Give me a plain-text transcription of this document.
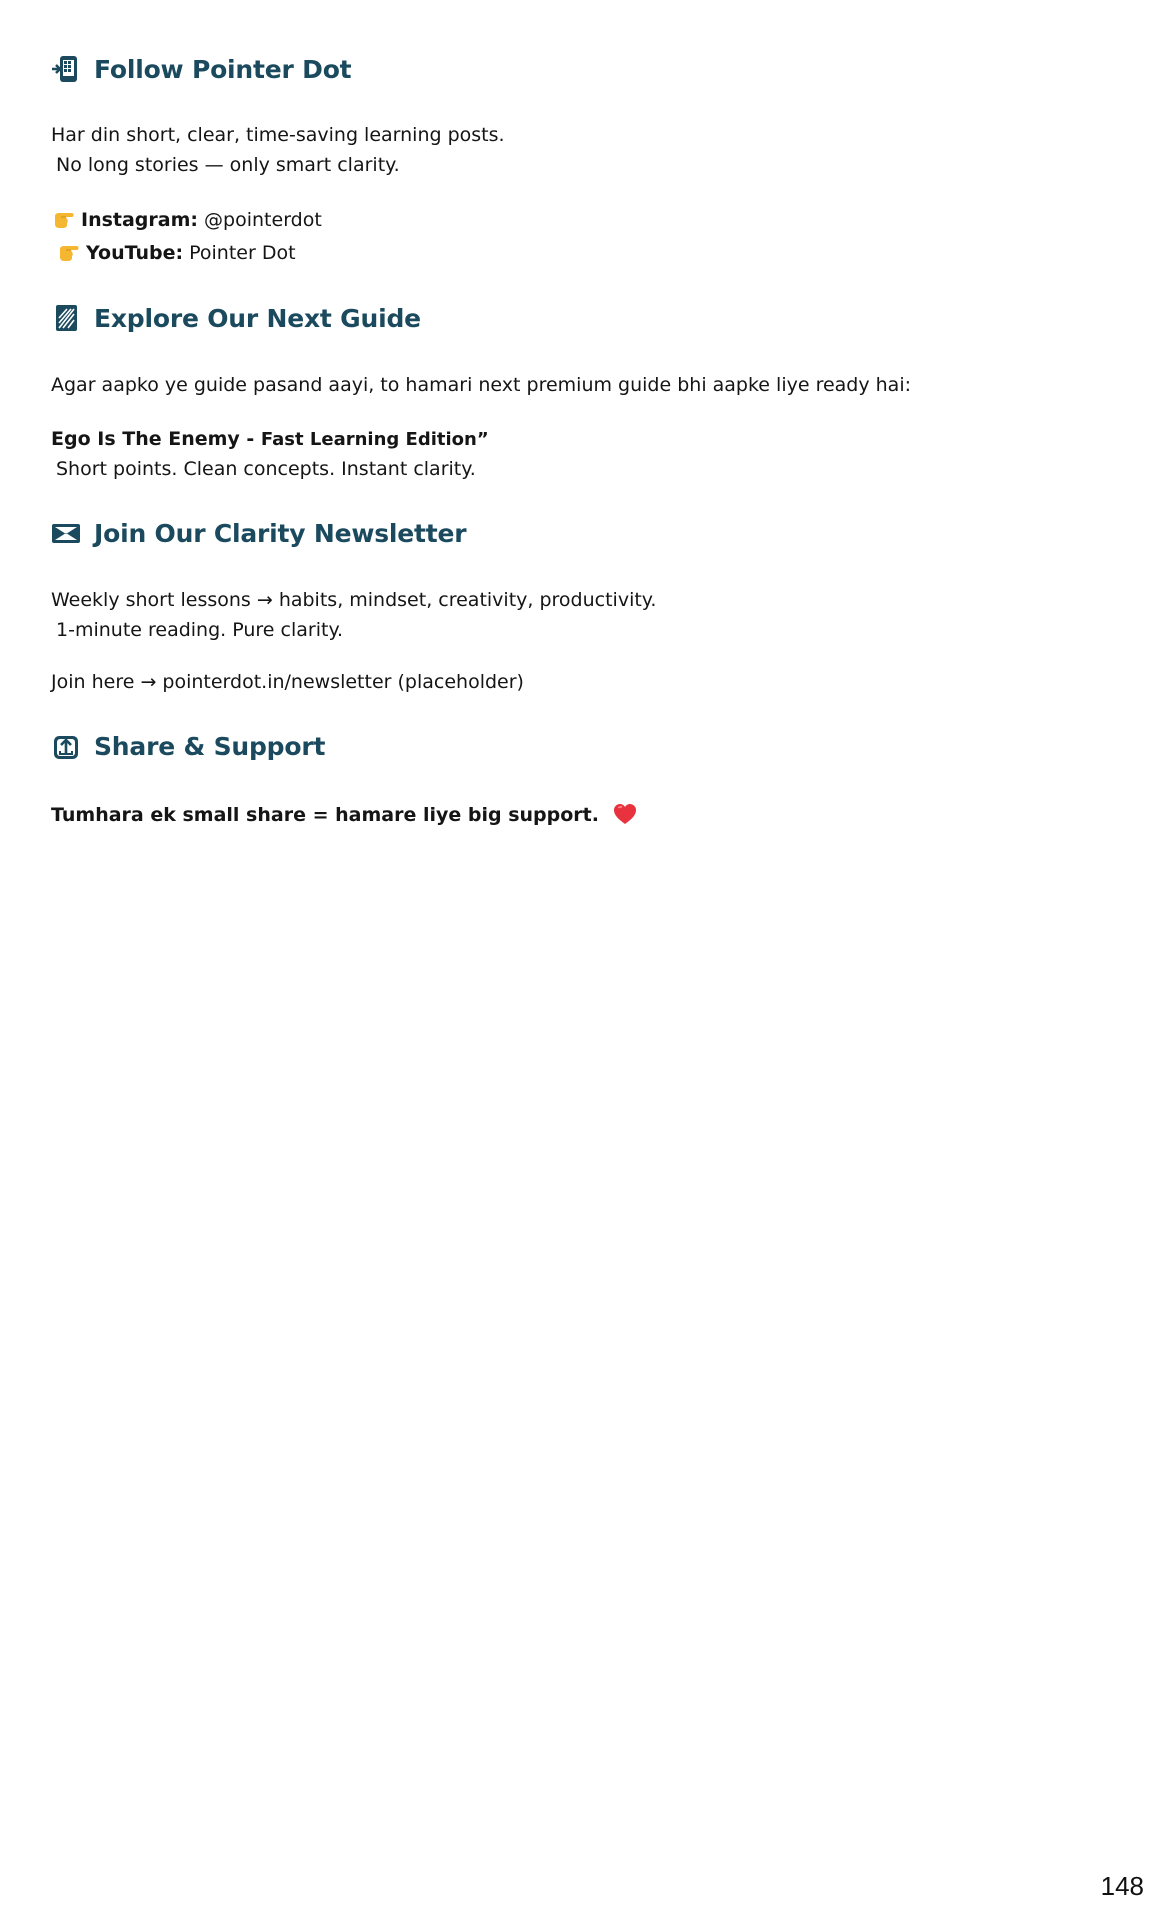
Follow Pointer Dot
Har din short, clear, time-saving learning posts.
No long stories — only smart clarity.
Instagram: @pointerdot
YouTube: Pointer Dot
Explore Our Next Guide
Agar aapko ye guide pasand aayi, to hamari next premium guide bhi aapke liye ready hai:
Ego Is The Enemy - Fast Learning Edition”
Short points. Clean concepts. Instant clarity.
Join Our Clarity Newsletter
Weekly short lessons → habits, mindset, creativity, productivity.
1-minute reading. Pure clarity.
Join here → pointerdot.in/newsletter (placeholder)
Share & Support
Tumhara ek small share = hamare liye big support.
148
